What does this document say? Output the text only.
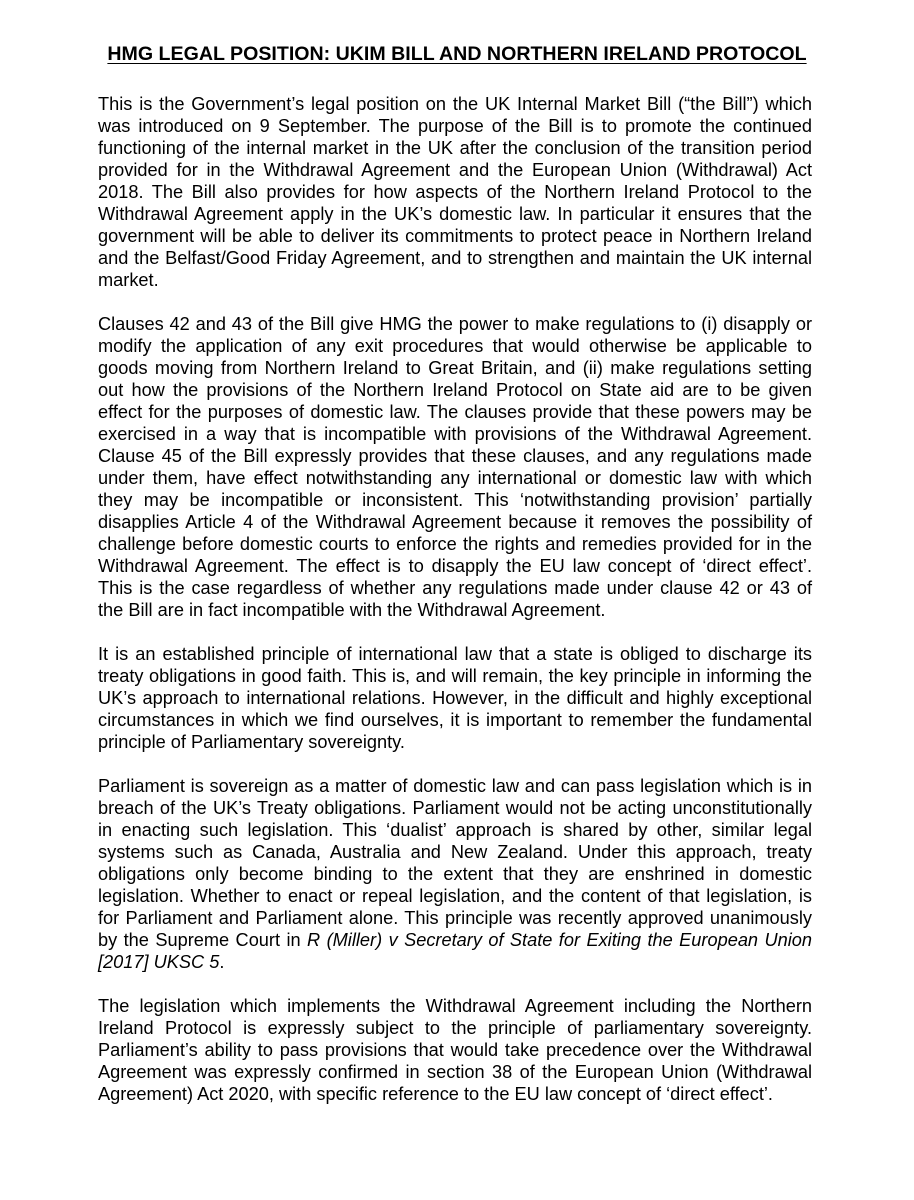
HMG LEGAL POSITION: UKIM BILL AND NORTHERN IRELAND PROTOCOL

This is the Government’s legal position on the UK Internal Market Bill (“the Bill”) which was introduced on 9 September. The purpose of the Bill is to promote the continued functioning of the internal market in the UK after the conclusion of the transition period provided for in the Withdrawal Agreement and the European Union (Withdrawal) Act 2018. The Bill also provides for how aspects of the Northern Ireland Protocol to the Withdrawal Agreement apply in the UK’s domestic law. In particular it ensures that the government will be able to deliver its commitments to protect peace in Northern Ireland and the Belfast/Good Friday Agreement, and to strengthen and maintain the UK internal market.

Clauses 42 and 43 of the Bill give HMG the power to make regulations to (i) disapply or modify the application of any exit procedures that would otherwise be applicable to goods moving from Northern Ireland to Great Britain, and (ii) make regulations setting out how the provisions of the Northern Ireland Protocol on State aid are to be given effect for the purposes of domestic law. The clauses provide that these powers may be exercised in a way that is incompatible with provisions of the Withdrawal Agreement. Clause 45 of the Bill expressly provides that these clauses, and any regulations made under them, have effect notwithstanding any international or domestic law with which they may be incompatible or inconsistent. This ‘notwithstanding provision’ partially disapplies Article 4 of the Withdrawal Agreement because it removes the possibility of challenge before domestic courts to enforce the rights and remedies provided for in the Withdrawal Agreement. The effect is to disapply the EU law concept of ‘direct effect’. This is the case regardless of whether any regulations made under clause 42 or 43 of the Bill are in fact incompatible with the Withdrawal Agreement.

It is an established principle of international law that a state is obliged to discharge its treaty obligations in good faith. This is, and will remain, the key principle in informing the UK’s approach to international relations. However, in the difficult and highly exceptional circumstances in which we find ourselves, it is important to remember the fundamental principle of Parliamentary sovereignty.

Parliament is sovereign as a matter of domestic law and can pass legislation which is in breach of the UK’s Treaty obligations. Parliament would not be acting unconstitutionally in enacting such legislation. This ‘dualist’ approach is shared by other, similar legal systems such as Canada, Australia and New Zealand. Under this approach, treaty obligations only become binding to the extent that they are enshrined in domestic legislation. Whether to enact or repeal legislation, and the content of that legislation, is for Parliament and Parliament alone. This principle was recently approved unanimously by the Supreme Court in R (Miller) v Secretary of State for Exiting the European Union [2017] UKSC 5.

The legislation which implements the Withdrawal Agreement including the Northern Ireland Protocol is expressly subject to the principle of parliamentary sovereignty. Parliament’s ability to pass provisions that would take precedence over the Withdrawal Agreement was expressly confirmed in section 38 of the European Union (Withdrawal Agreement) Act 2020, with specific reference to the EU law concept of ‘direct effect’.
